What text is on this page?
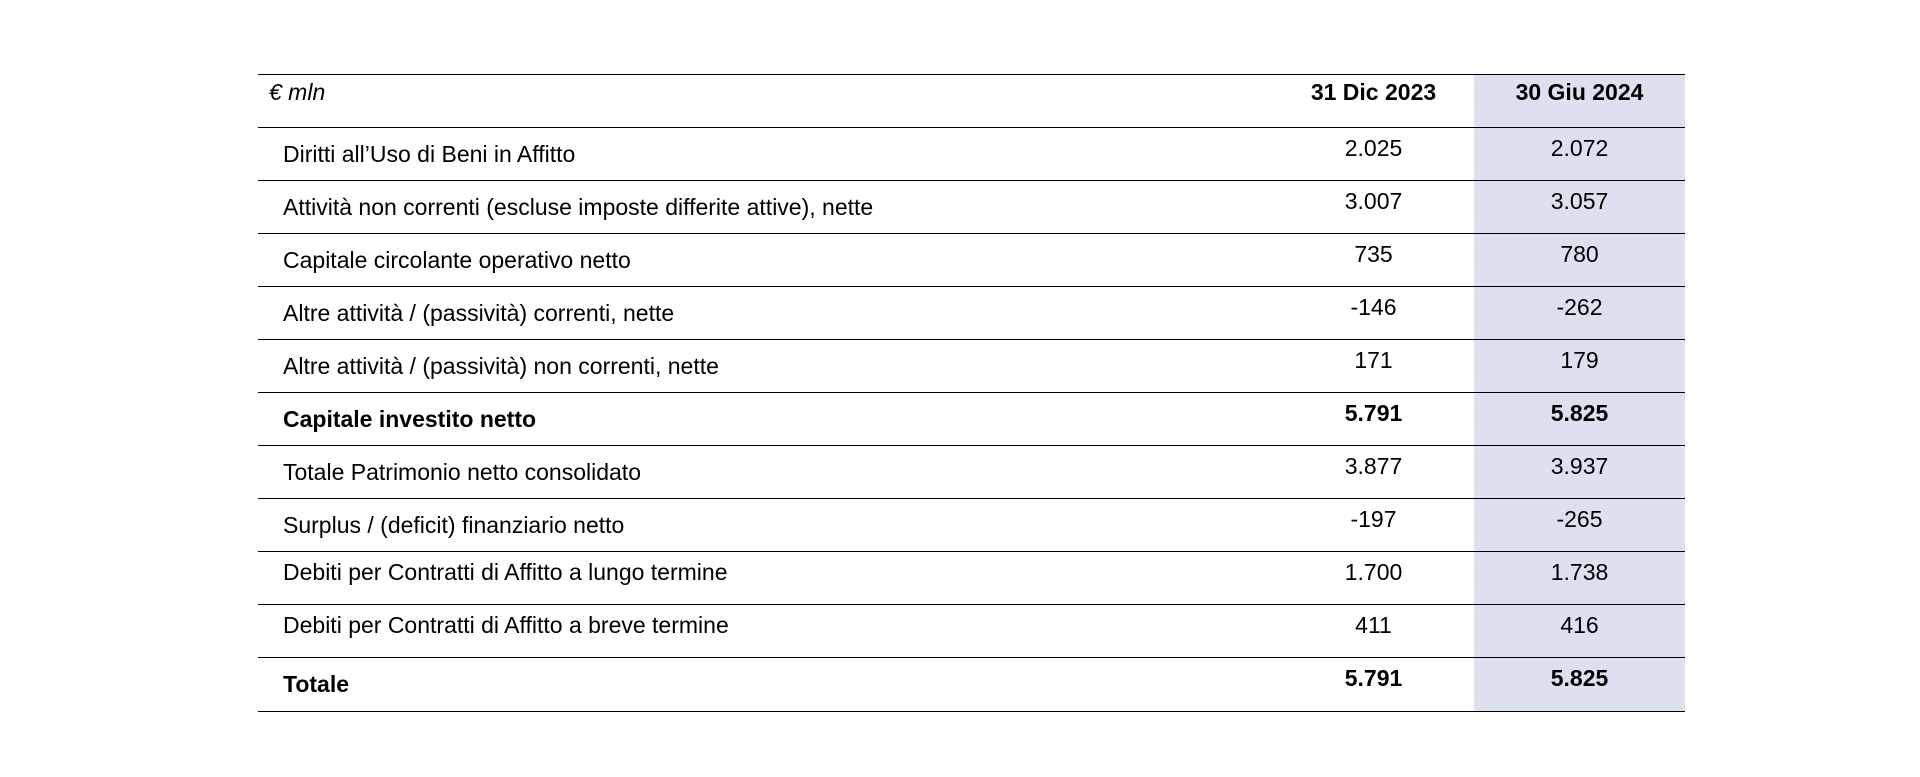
€ mln	31 Dic 2023	30 Giu 2024
Diritti all’Uso di Beni in Affitto	2.025	2.072
Attività non correnti (escluse imposte differite attive), nette	3.007	3.057
Capitale circolante operativo netto	735	780
Altre attività / (passività) correnti, nette	-146	-262
Altre attività / (passività) non correnti, nette	171	179
Capitale investito netto	5.791	5.825
Totale Patrimonio netto consolidato	3.877	3.937
Surplus / (deficit) finanziario netto	-197	-265
Debiti per Contratti di Affitto a lungo termine	1.700	1.738
Debiti per Contratti di Affitto a breve termine	411	416
Totale	5.791	5.825
